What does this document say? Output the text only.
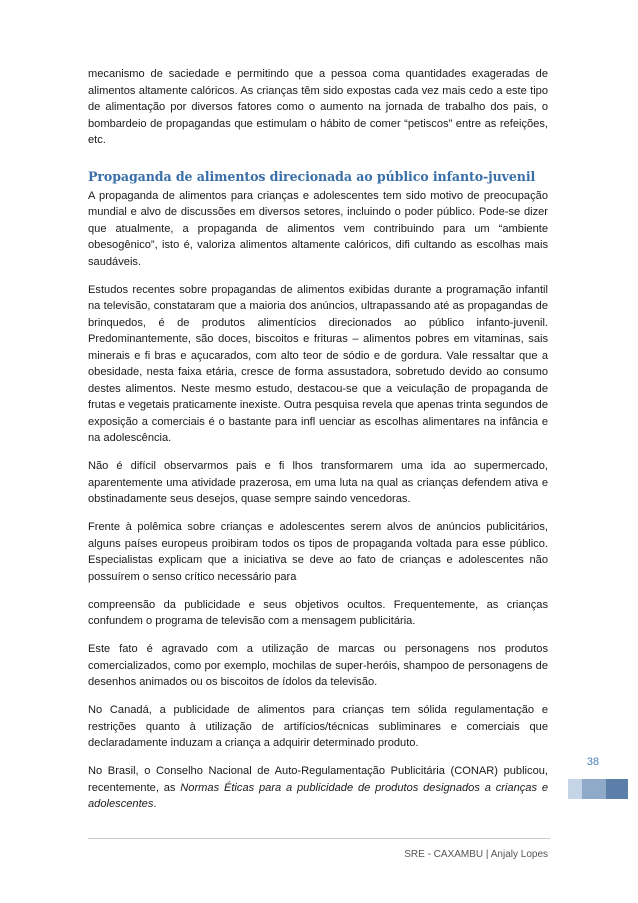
mecanismo de saciedade e permitindo que a pessoa coma quantidades exageradas de alimentos altamente calóricos. As crianças têm sido expostas cada vez mais cedo a este tipo de alimentação por diversos fatores como o aumento na jornada de trabalho dos pais, o bombardeio de propagandas que estimulam o hábito de comer “petiscos” entre as refeições, etc.

Propaganda de alimentos direcionada ao público infanto-juvenil

A propaganda de alimentos para crianças e adolescentes tem sido motivo de preocupação mundial e alvo de discussões em diversos setores, incluindo o poder público. Pode-se dizer que atualmente, a propaganda de alimentos vem contribuindo para um “ambiente obesogênico”, isto é, valoriza alimentos altamente calóricos, difi cultando as escolhas mais saudáveis.

Estudos recentes sobre propagandas de alimentos exibidas durante a programação infantil na televisão, constataram que a maioria dos anúncios, ultrapassando até as propagandas de brinquedos, é de produtos alimentícios direcionados ao público infanto-juvenil. Predominantemente, são doces, biscoitos e frituras – alimentos pobres em vitaminas, sais minerais e fi bras e açucarados, com alto teor de sódio e de gordura. Vale ressaltar que a obesidade, nesta faixa etária, cresce de forma assustadora, sobretudo devido ao consumo destes alimentos. Neste mesmo estudo, destacou-se que a veiculação de propaganda de frutas e vegetais praticamente inexiste. Outra pesquisa revela que apenas trinta segundos de exposição a comerciais é o bastante para infl uenciar as escolhas alimentares na infância e na adolescência.

Não é difícil observarmos pais e fi lhos transformarem uma ida ao supermercado, aparentemente uma atividade prazerosa, em uma luta na qual as crianças defendem ativa e obstinadamente seus desejos, quase sempre saindo vencedoras.

Frente à polêmica sobre crianças e adolescentes serem alvos de anúncios publicitários, alguns países europeus proibiram todos os tipos de propaganda voltada para esse público. Especialistas explicam que a iniciativa se deve ao fato de crianças e adolescentes não possuírem o senso crítico necessário para

compreensão da publicidade e seus objetivos ocultos. Frequentemente, as crianças confundem o programa de televisão com a mensagem publicitária.

Este fato é agravado com a utilização de marcas ou personagens nos produtos comercializados, como por exemplo, mochilas de super-heróis, shampoo de personagens de desenhos animados ou os biscoitos de ídolos da televisão.

No Canadá, a publicidade de alimentos para crianças tem sólida regulamentação e restrições quanto à utilização de artifícios/técnicas subliminares e comerciais que declaradamente induzam a criança a adquirir determinado produto.

No Brasil, o Conselho Nacional de Auto-Regulamentação Publicitária (CONAR) publicou, recentemente, as Normas Éticas para a publicidade de produtos designados a crianças e adolescentes.

38
SRE - CAXAMBU | Anjaly Lopes
